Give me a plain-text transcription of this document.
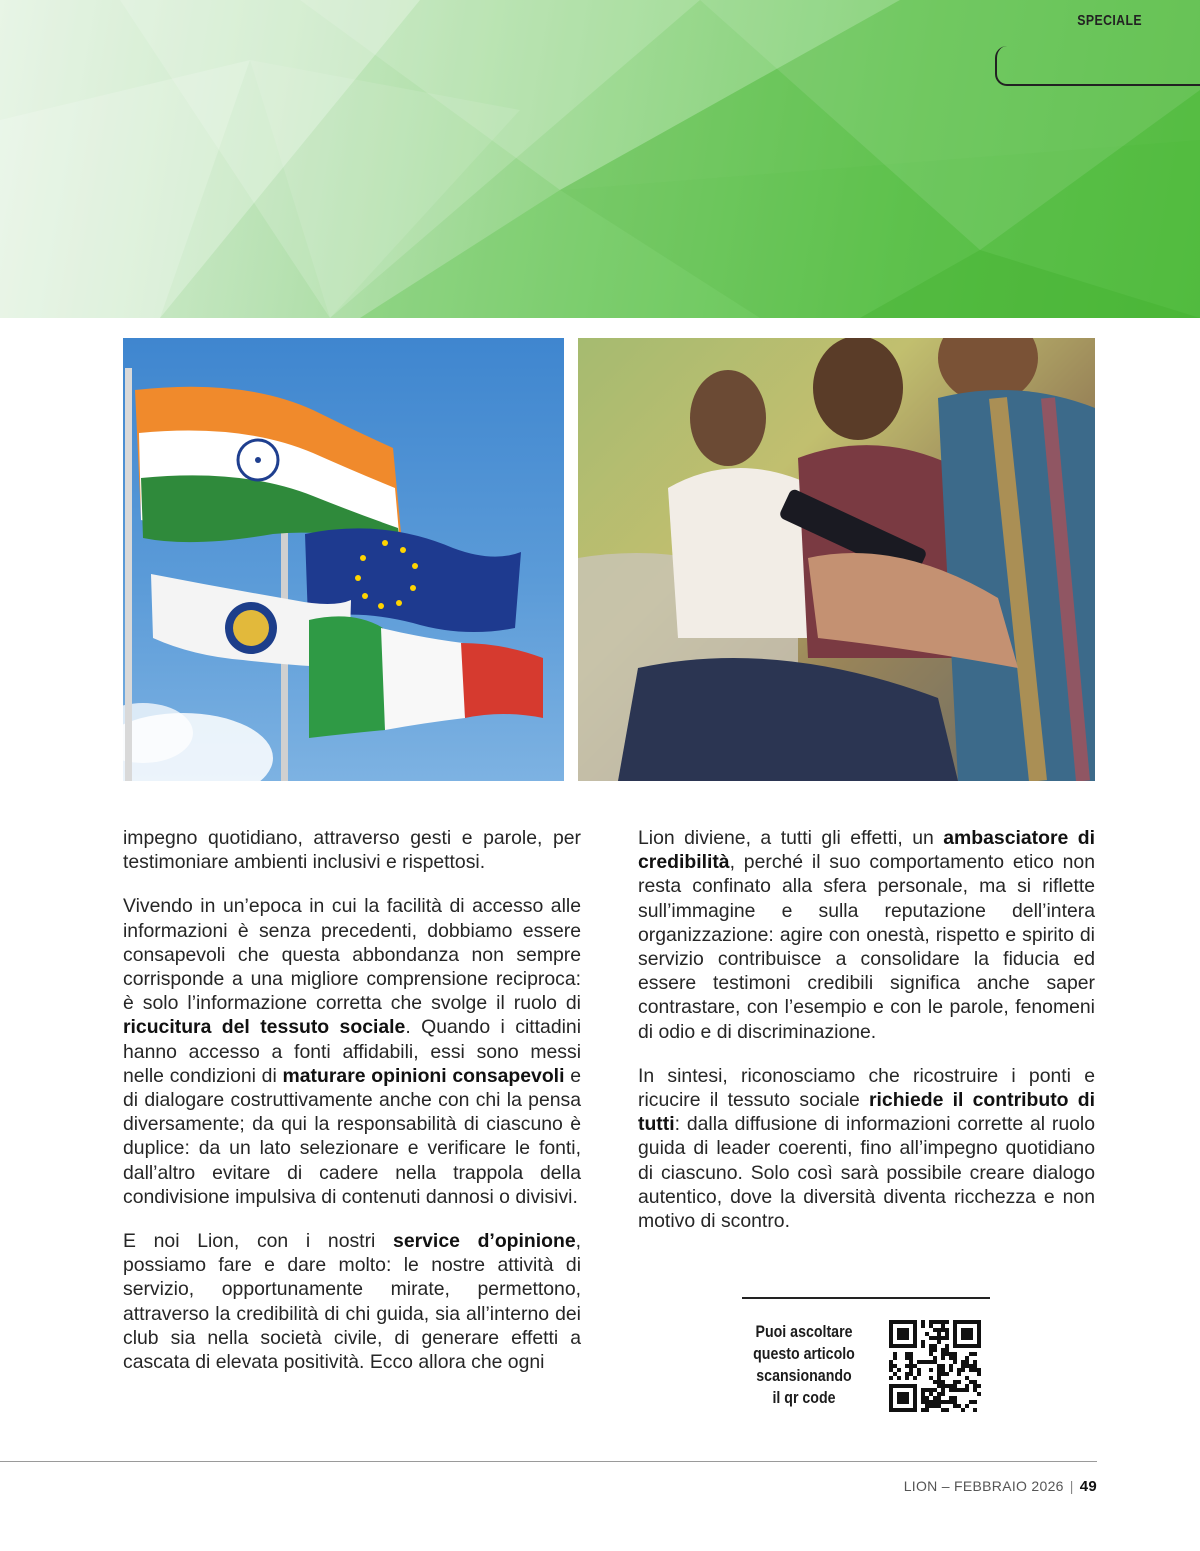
SPECIALE

impegno quotidiano, attraverso gesti e parole, per testimoniare ambienti inclusivi e rispettosi.

Vivendo in un’epoca in cui la facilità di accesso alle informazioni è senza precedenti, dobbiamo essere consapevoli che questa abbondanza non sempre corrisponde a una migliore comprensione reciproca: è solo l’informazione corretta che svolge il ruolo di ricucitura del tessuto sociale. Quando i cittadini hanno accesso a fonti affidabili, essi sono messi nelle condizioni di maturare opinioni consapevoli e di dialogare costruttivamente anche con chi la pensa diversamente; da qui la responsabilità di ciascuno è duplice: da un lato selezionare e verificare le fonti, dall’altro evitare di cadere nella trappola della condivisione impulsiva di contenuti dannosi o divisivi.

E noi Lion, con i nostri service d’opinione, possiamo fare e dare molto: le nostre attività di servizio, opportunamente mirate, permettono, attraverso la credibilità di chi guida, sia all’interno dei club sia nella società civile, di generare effetti a cascata di elevata positività. Ecco allora che ogni

Lion diviene, a tutti gli effetti, un ambasciatore di credibilità, perché il suo comportamento etico non resta confinato alla sfera personale, ma si riflette sull’immagine e sulla reputazione dell’intera organizzazione: agire con onestà, rispetto e spirito di servizio contribuisce a consolidare la fiducia ed essere testimoni credibili significa anche saper contrastare, con l’esempio e con le parole, fenomeni di odio e di discriminazione.

In sintesi, riconosciamo che ricostruire i ponti e ricucire il tessuto sociale richiede il contributo di tutti: dalla diffusione di informazioni corrette al ruolo guida di leader coerenti, fino all’impegno quotidiano di ciascuno. Solo così sarà possibile creare dialogo autentico, dove la diversità diventa ricchezza e non motivo di scontro.

Puoi ascoltare
questo articolo
scansionando
il qr code
LION – FEBBRAIO 2026 | 49
